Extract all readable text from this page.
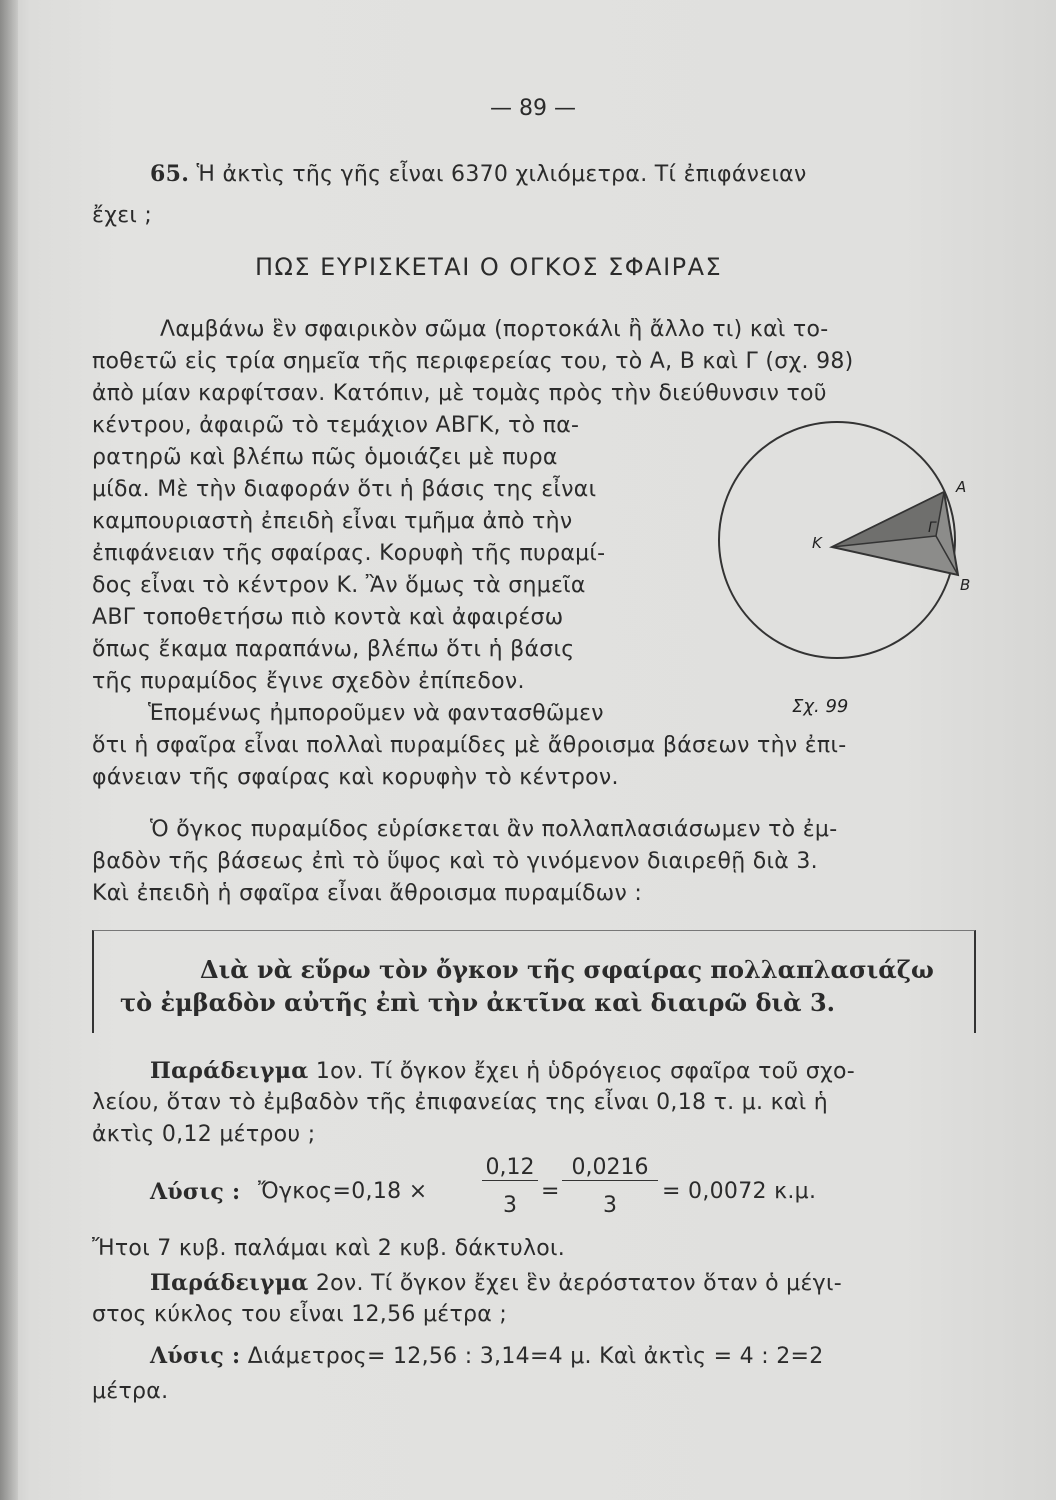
— 89 —
65. Ἡ ἀκτὶς τῆς γῆς εἶναι 6370 χιλιόμετρα. Τί ἐπιφάνειαν
ἔχει ;
ΠΩΣ ΕΥΡΙΣΚΕΤΑΙ Ο ΟΓΚΟΣ ΣΦΑΙΡΑΣ
Λαμβάνω ἓν σφαιρικὸν σῶμα (πορτοκάλι ἢ ἄλλο τι) καὶ το-
ποθετῶ εἰς τρία σημεῖα τῆς περιφερείας του, τὸ Α, Β καὶ Γ (σχ. 98)
ἀπὸ μίαν καρφίτσαν. Κατόπιν, μὲ τομὰς πρὸς τὴν διεύθυνσιν τοῦ
κέντρου, ἀφαιρῶ τὸ τεμάχιον ΑΒΓΚ, τὸ πα-
ρατηρῶ καὶ βλέπω πῶς ὁμοιάζει μὲ πυρα
μίδα. Μὲ τὴν διαφοράν ὅτι ἡ βάσις της εἶναι
καμπουριαστὴ ἐπειδὴ εἶναι τμῆμα ἀπὸ τὴν
ἐπιφάνειαν τῆς σφαίρας. Κορυφὴ τῆς πυραμί-
δος εἶναι τὸ κέντρον Κ. Ἂν ὅμως τὰ σημεῖα
ΑΒΓ τοποθετήσω πιὸ κοντὰ καὶ ἀφαιρέσω
ὅπως ἔκαμα παραπάνω, βλέπω ὅτι ἡ βάσις
τῆς πυραμίδος ἔγινε σχεδὸν ἐπίπεδον.
Ἑπομένως ἠμποροῦμεν νὰ φαντασθῶμεν
ὅτι ἡ σφαῖρα εἶναι πολλαὶ πυραμίδες μὲ ἄθροισμα βάσεων τὴν ἐπι-
φάνειαν τῆς σφαίρας καὶ κορυφὴν τὸ κέντρον.
Κ
Α
Γ
Β
Σχ. 99
Ὁ ὄγκος πυραμίδος εὑρίσκεται ἂν πολλαπλασιάσωμεν τὸ ἐμ-
βαδὸν τῆς βάσεως ἐπὶ τὸ ὕψος καὶ τὸ γινόμενον διαιρεθῇ διὰ 3.
Καὶ ἐπειδὴ ἡ σφαῖρα εἶναι ἄθροισμα πυραμίδων :
Διὰ νὰ εὕρω τὸν ὄγκον τῆς σφαίρας πολλαπλασιάζω
τὸ ἐμβαδὸν αὐτῆς ἐπὶ τὴν ἀκτῖνα καὶ διαιρῶ διὰ 3.
Παράδειγμα 1ον. Τί ὄγκον ἔχει ἡ ὑδρόγειος σφαῖρα τοῦ σχο-
λείου, ὅταν τὸ ἐμβαδὸν τῆς ἐπιφανείας της εἶναι 0,18 τ. μ. καὶ ἡ
ἀκτὶς 0,12 μέτρου ;
Λύσις : Ὄγκος=0,18 ×
0,12
3
=
0,0216
3
= 0,0072 κ.μ.
Ἤτοι 7 κυβ. παλάμαι καὶ 2 κυβ. δάκτυλοι.
Παράδειγμα 2ον. Τί ὄγκον ἔχει ἓν ἀερόστατον ὅταν ὁ μέγι-
στος κύκλος του εἶναι 12,56 μέτρα ;
Λύσις : Διάμετρος= 12,56 : 3,14=4 μ. Καὶ ἀκτὶς = 4 : 2=2
μέτρα.
